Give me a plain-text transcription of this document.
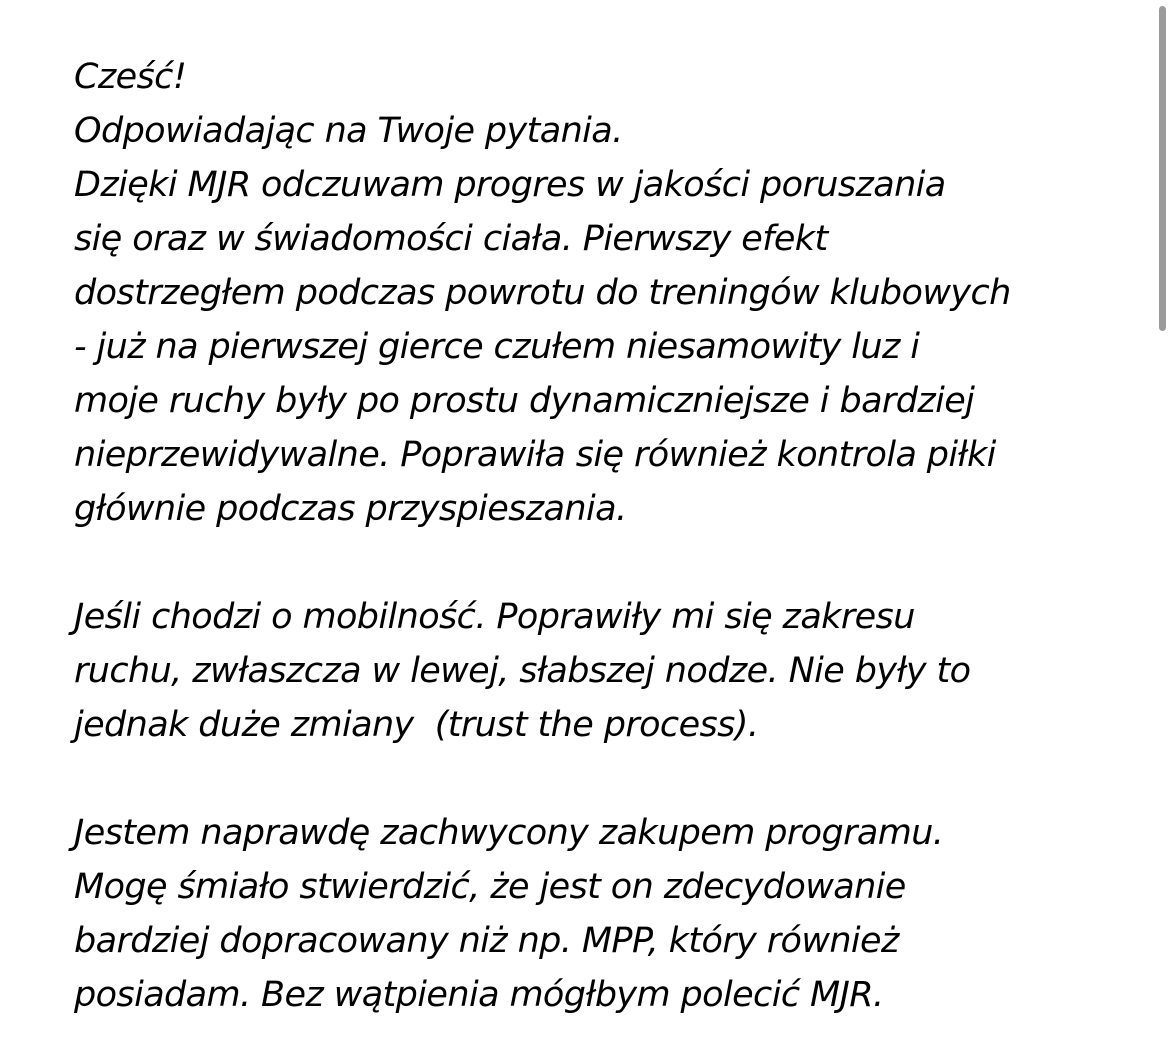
Cześć!
Odpowiadając na Twoje pytania.
Dzięki MJR odczuwam progres w jakości poruszania
się oraz w świadomości ciała. Pierwszy efekt
dostrzegłem podczas powrotu do treningów klubowych
- już na pierwszej gierce czułem niesamowity luz i
moje ruchy były po prostu dynamiczniejsze i bardziej
nieprzewidywalne. Poprawiła się również kontrola piłki
głównie podczas przyspieszania.
Jeśli chodzi o mobilność. Poprawiły mi się zakresu
ruchu, zwłaszcza w lewej, słabszej nodze. Nie były to
jednak duże zmiany  (trust the process).
Jestem naprawdę zachwycony zakupem programu.
Mogę śmiało stwierdzić, że jest on zdecydowanie
bardziej dopracowany niż np. MPP, który również
posiadam. Bez wątpienia mógłbym polecić MJR.
